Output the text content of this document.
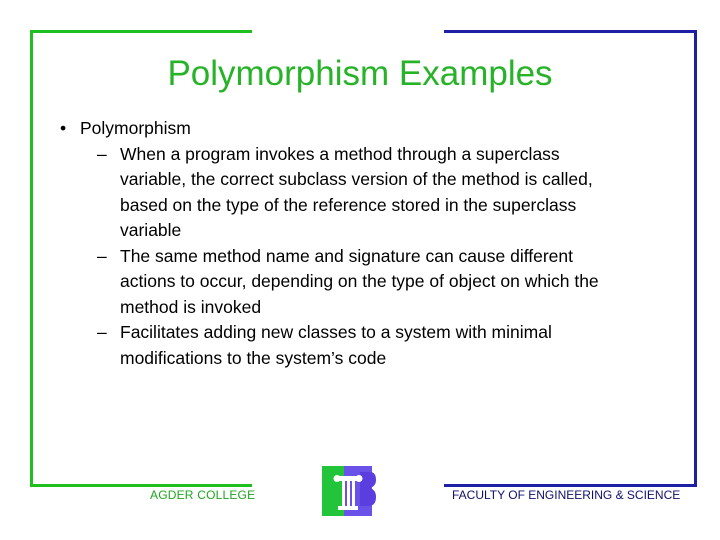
Polymorphism Examples
• Polymorphism
– When a program invokes a method through a superclass variable, the correct subclass version of the method is called, based on the type of the reference stored in the superclass variable
– The same method name and signature can cause different actions to occur, depending on the type of object on which the method is invoked
– Facilitates adding new classes to a system with minimal modifications to the system’s code
AGDER COLLEGE	FACULTY OF ENGINEERING & SCIENCE
